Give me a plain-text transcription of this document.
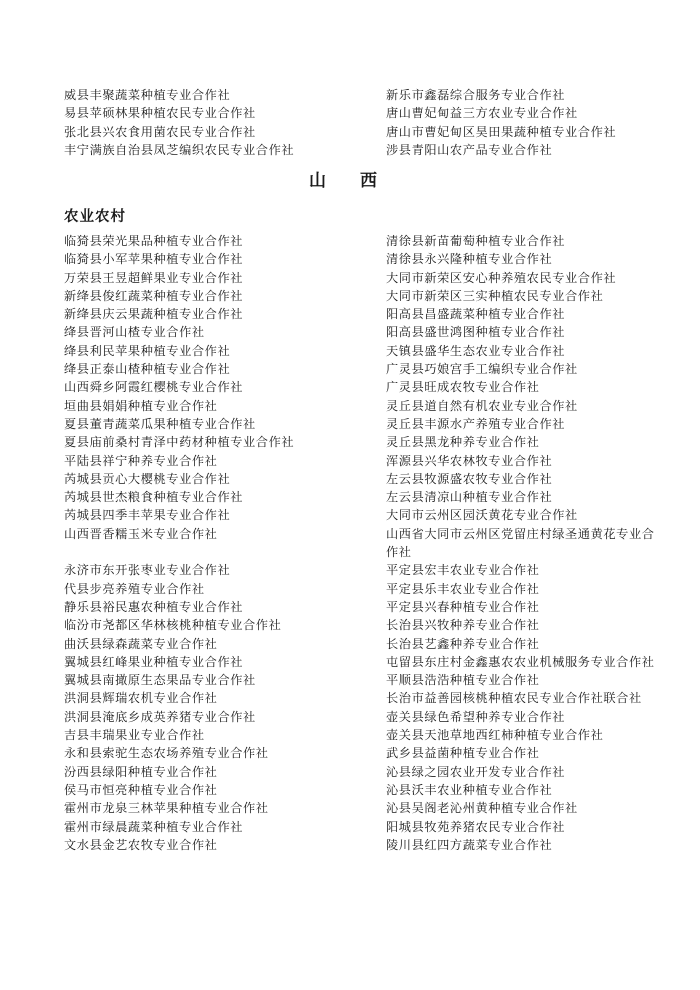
威县丰聚蔬菜种植专业合作社	新乐市鑫磊综合服务专业合作社
易县苹硕林果种植农民专业合作社	唐山曹妃甸益三方农业专业合作社
张北县兴农食用菌农民专业合作社	唐山市曹妃甸区昊田果蔬种植专业合作社
丰宁满族自治县凤芝编织农民专业合作社	涉县青阳山农产品专业合作社
山 西
农业农村
临猗县荣光果品种植专业合作社	清徐县新苗葡萄种植专业合作社
临猗县小军苹果种植专业合作社	清徐县永兴隆种植专业合作社
万荣县王昱超鲜果业专业合作社	大同市新荣区安心种养殖农民专业合作社
新绛县俊红蔬菜种植专业合作社	大同市新荣区三实种植农民专业合作社
新绛县庆云果蔬种植专业合作社	阳高县昌盛蔬菜种植专业合作社
绛县晋河山楂专业合作社	阳高县盛世鸿图种植专业合作社
绛县利民苹果种植专业合作社	天镇县盛华生态农业专业合作社
绛县正泰山楂种植专业合作社	广灵县巧娘宫手工编织专业合作社
山西舜乡阿霞红樱桃专业合作社	广灵县旺成农牧专业合作社
垣曲县娟娟种植专业合作社	灵丘县道自然有机农业专业合作社
夏县董青蔬菜瓜果种植专业合作社	灵丘县丰源水产养殖专业合作社
夏县庙前桑村青泽中药材种植专业合作社	灵丘县黑龙种养专业合作社
平陆县祥宁种养专业合作社	浑源县兴华农林牧专业合作社
芮城县贡心大樱桃专业合作社	左云县牧源盛农牧专业合作社
芮城县世杰粮食种植专业合作社	左云县清凉山种植专业合作社
芮城县四季丰苹果专业合作社	大同市云州区园沃黄花专业合作社
山西晋香糯玉米专业合作社	山西省大同市云州区党留庄村绿圣通黄花专业合作社
永济市东开张枣业专业合作社	平定县宏丰农业专业合作社
代县步亮养殖专业合作社	平定县乐丰农业专业合作社
静乐县裕民惠农种植专业合作社	平定县兴春种植专业合作社
临汾市尧都区华林核桃种植专业合作社	长治县兴牧种养专业合作社
曲沃县绿森蔬菜专业合作社	长治县艺鑫种养专业合作社
翼城县红峰果业种植专业合作社	屯留县东庄村金鑫惠农农业机械服务专业合作社
翼城县南撖原生态果品专业合作社	平顺县浩浩种植专业合作社
洪洞县辉瑞农机专业合作社	长治市益善园核桃种植农民专业合作社联合社
洪洞县淹底乡成英养猪专业合作社	壶关县绿色希望种养专业合作社
吉县丰瑞果业专业合作社	壶关县天池草地西红柿种植专业合作社
永和县索驼生态农场养殖专业合作社	武乡县益菌种植专业合作社
汾西县绿阳种植专业合作社	沁县绿之园农业开发专业合作社
侯马市恒亮种植专业合作社	沁县沃丰农业种植专业合作社
霍州市龙泉三林苹果种植专业合作社	沁县吴阁老沁州黄种植专业合作社
霍州市绿晨蔬菜种植专业合作社	阳城县牧苑养猪农民专业合作社
文水县金艺农牧专业合作社	陵川县红四方蔬菜专业合作社
